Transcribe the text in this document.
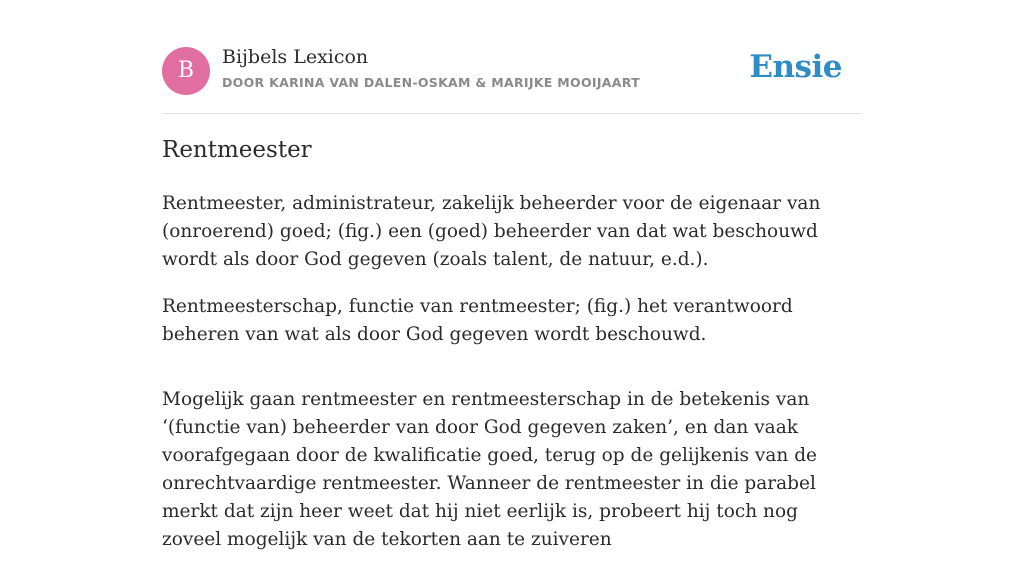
B
Bijbels Lexicon
DOOR KARINA VAN DALEN-OSKAM & MARIJKE MOOIJAART	Ensie
Rentmeester

Rentmeester, administrateur, zakelijk beheerder voor de eigenaar van (onroerend) goed; (fig.) een (goed) beheerder van dat wat beschouwd wordt als door God gegeven (zoals talent, de natuur, e.d.).

Rentmeesterschap, functie van rentmeester; (fig.) het verantwoord beheren van wat als door God gegeven wordt beschouwd.

Mogelijk gaan rentmeester en rentmeesterschap in de betekenis van ‘(functie van) beheerder van door God gegeven zaken’, en dan vaak voorafgegaan door de kwalificatie goed, terug op de gelijkenis van de onrechtvaardige rentmeester. Wanneer de rentmeester in die parabel merkt dat zijn heer weet dat hij niet eerlijk is, probeert hij toch nog zoveel mogelijk van de tekorten aan te zuiveren
